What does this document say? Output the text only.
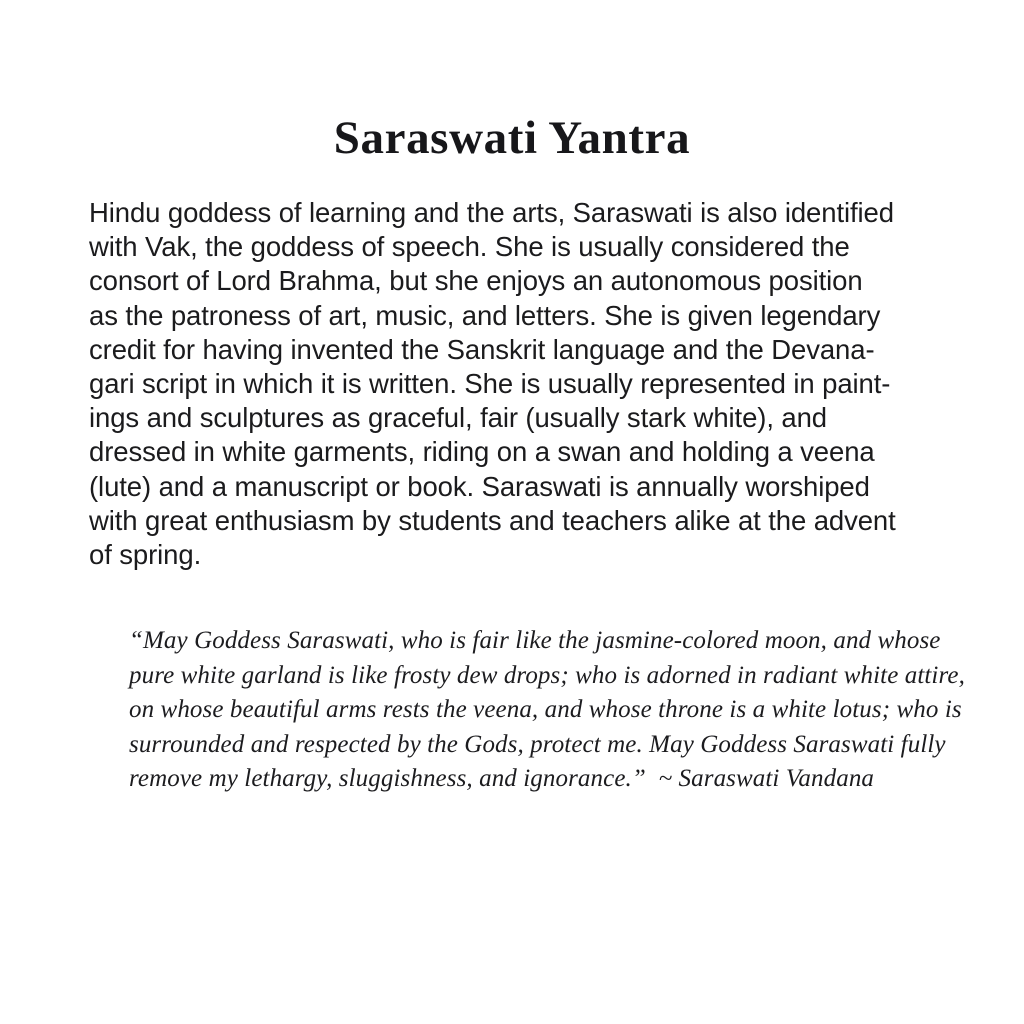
Saraswati Yantra
Hindu goddess of learning and the arts, Saraswati is also identified
with Vak, the goddess of speech. She is usually considered the
consort of Lord Brahma, but she enjoys an autonomous position
as the patroness of art, music, and letters. She is given legendary
credit for having invented the Sanskrit language and the Devana-
gari script in which it is written. She is usually represented in paint-
ings and sculptures as graceful, fair (usually stark white), and
dressed in white garments, riding on a swan and holding a veena
(lute) and a manuscript or book. Saraswati is annually worshiped
with great enthusiasm by students and teachers alike at the advent
of spring.
“May Goddess Saraswati, who is fair like the jasmine-colored moon, and whose
pure white garland is like frosty dew drops; who is adorned in radiant white attire,
on whose beautiful arms rests the veena, and whose throne is a white lotus; who is
surrounded and respected by the Gods, protect me. May Goddess Saraswati fully
remove my lethargy, sluggishness, and ignorance.”  ~ Saraswati Vandana
